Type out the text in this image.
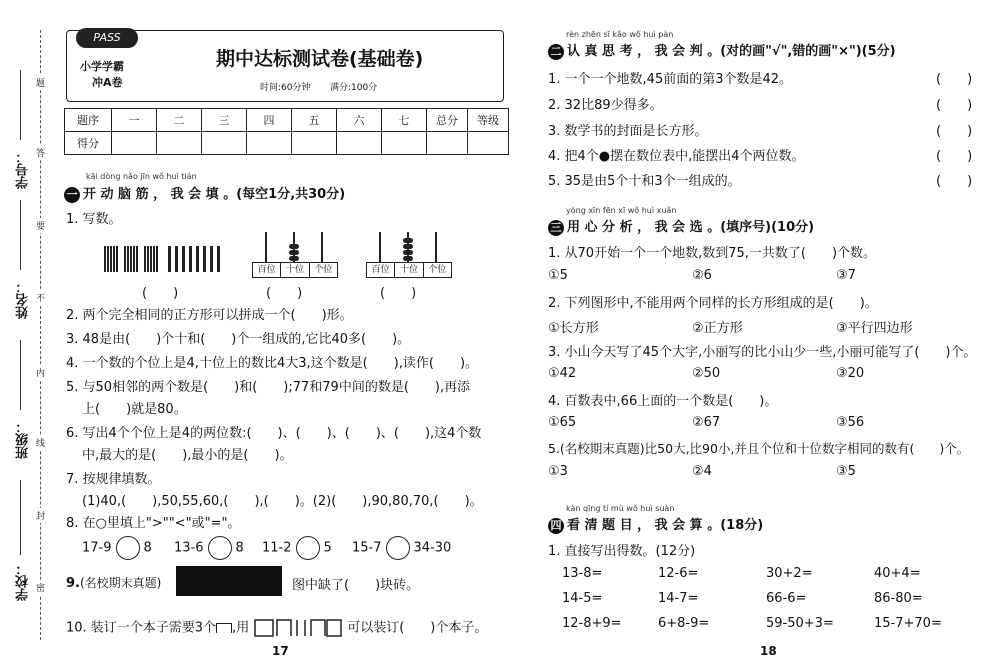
学号：
姓名：
班级：
学校：
题
答
要
不
内
线
封
密
PASS
小学学霸
冲A卷
期中达标测试卷(基础卷)
时间:60分钟 满分:100分
题序	一	二	三	四	五	六	七	总分	等级
得分									
kāi dòng nǎo jīn wǒ huì tián
一 开 动 脑 筋 ， 我 会 填 。(每空1分,共30分)
1. 写数。
(　　)
百位	十位	个位
(　　)
百位	十位	个位
(　　)
2. 两个完全相同的正方形可以拼成一个(　　)形。
3. 48是由(　　)个十和(　　)个一组成的,它比40多(　　)。
4. 一个数的个位上是4,十位上的数比4大3,这个数是(　　),读作(　　)。
5. 与50相邻的两个数是(　　)和(　　);77和79中间的数是(　　),再添
上(　　)就是80。
6. 写出4个个位上是4的两位数:(　　)、(　　)、(　　)、(　　),这4个数
中,最大的是(　　),最小的是(　　)。
7. 按规律填数。
(1)40,(　　),50,55,60,(　　),(　　)。(2)(　　),90,80,70,(　　)。
8. 在○里填上">""<"或"="。
17-9 8 13-6 8 11-2 5 15-7 34-30
9.(名校期末真题)	图中缺了(　　)块砖。
10. 装订一个本子需要3个 ,用	可以装订(　　)个本子。
17
rèn zhēn sī kǎo wǒ huì pàn
二 认 真 思 考 ， 我 会 判 。(对的画"√",错的画"×")(5分)
1. 一个一个地数,45前面的第3个数是42。	(　　)
2. 32比89少得多。	(　　)
3. 数学书的封面是长方形。	(　　)
4. 把4个●摆在数位表中,能摆出4个两位数。	(　　)
5. 35是由5个十和3个一组成的。	(　　)
yòng xīn fēn xī wǒ huì xuǎn
三 用 心 分 析 ， 我 会 选 。(填序号)(10分)
1. 从70开始一个一个地数,数到75,一共数了(　　)个数。
①5	②6	③7
2. 下列图形中,不能用两个同样的长方形组成的是(　　)。
①长方形	②正方形	③平行四边形
3. 小山今天写了45个大字,小丽写的比小山少一些,小丽可能写了(　　)个。
①42	②50	③20
4. 百数表中,66上面的一个数是(　　)。
①65	②67	③56
5.(名校期末真题)比50大,比90小,并且个位和十位数字相同的数有(　　)个。
①3	②4	③5
kàn qīng tí mù wǒ huì suàn
四 看 清 题 目 ， 我 会 算 。(18分)
1. 直接写出得数。(12分)
13-8=	12-6=	30+2=	40+4=
14-5=	14-7=	66-6=	86-80=
12-8+9=	6+8-9=	59-50+3=	15-7+70=
18
